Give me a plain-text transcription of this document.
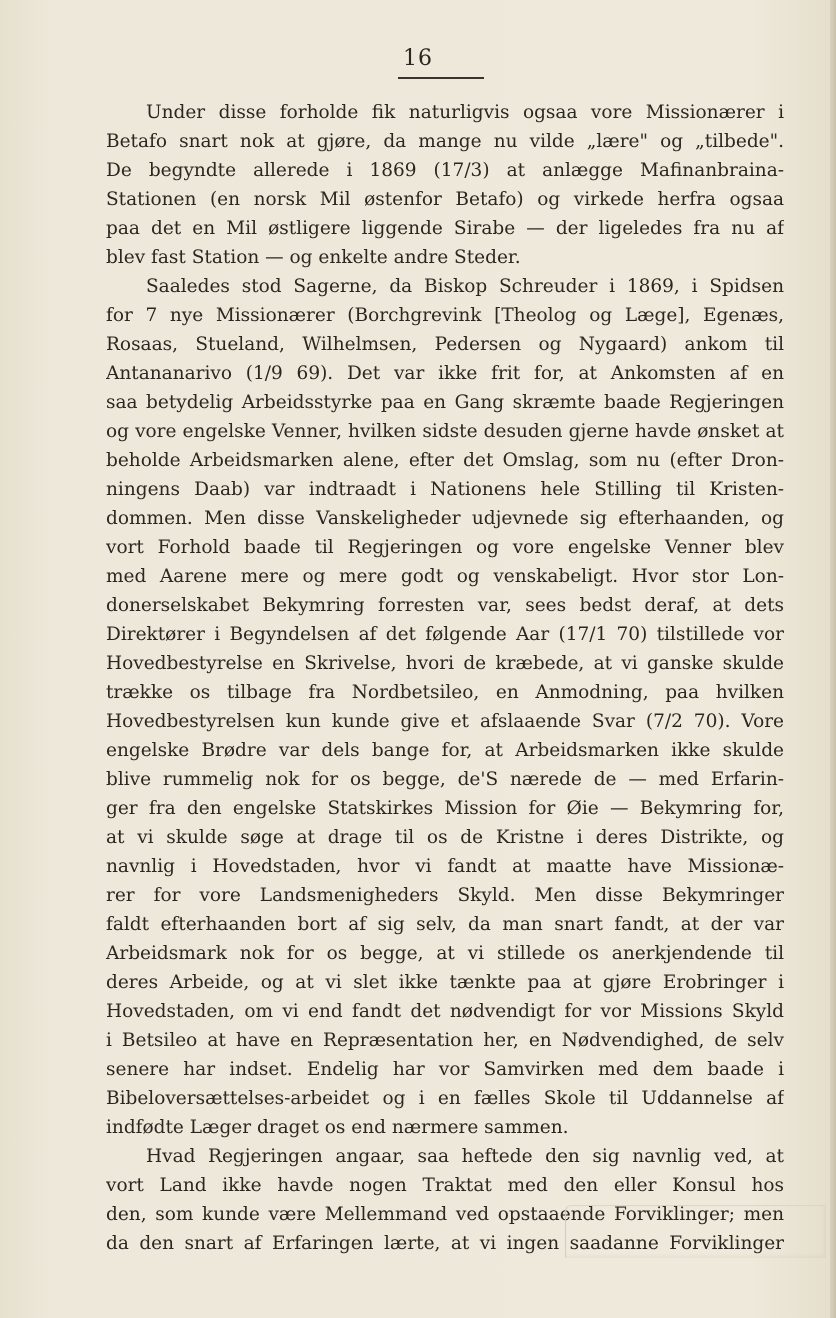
16
Under disse forholde fik naturligvis ogsaa vore Missionærer i
Betafo snart nok at gjøre, da mange nu vilde „lære" og „tilbede".
De begyndte allerede i 1869 (17/3) at anlægge Mafinanbraina-
Stationen (en norsk Mil østenfor Betafo) og virkede herfra ogsaa
paa det en Mil østligere liggende Sirabe — der ligeledes fra nu af
blev fast Station — og enkelte andre Steder.
Saaledes stod Sagerne, da Biskop Schreuder i 1869, i Spidsen
for 7 nye Missionærer (Borchgrevink [Theolog og Læge], Egenæs,
Rosaas, Stueland, Wilhelmsen, Pedersen og Nygaard) ankom til
Antananarivo (1/9 69). Det var ikke frit for, at Ankomsten af en
saa betydelig Arbeidsstyrke paa en Gang skræmte baade Regjeringen
og vore engelske Venner, hvilken sidste desuden gjerne havde ønsket at
beholde Arbeidsmarken alene, efter det Omslag, som nu (efter Dron-
ningens Daab) var indtraadt i Nationens hele Stilling til Kristen-
dommen. Men disse Vanskeligheder udjevnede sig efterhaanden, og
vort Forhold baade til Regjeringen og vore engelske Venner blev
med Aarene mere og mere godt og venskabeligt. Hvor stor Lon-
donerselskabet Bekymring forresten var, sees bedst deraf, at dets
Direktører i Begyndelsen af det følgende Aar (17/1 70) tilstillede vor
Hovedbestyrelse en Skrivelse, hvori de kræbede, at vi ganske skulde
trække os tilbage fra Nordbetsileo, en Anmodning, paa hvilken
Hovedbestyrelsen kun kunde give et afslaaende Svar (7/2 70). Vore
engelske Brødre var dels bange for, at Arbeidsmarken ikke skulde
blive rummelig nok for os begge, de'S nærede de — med Erfarin-
ger fra den engelske Statskirkes Mission for Øie — Bekymring for,
at vi skulde søge at drage til os de Kristne i deres Distrikte, og
navnlig i Hovedstaden, hvor vi fandt at maatte have Missionæ-
rer for vore Landsmenigheders Skyld. Men disse Bekymringer
faldt efterhaanden bort af sig selv, da man snart fandt, at der var
Arbeidsmark nok for os begge, at vi stillede os anerkjendende til
deres Arbeide, og at vi slet ikke tænkte paa at gjøre Erobringer i
Hovedstaden, om vi end fandt det nødvendigt for vor Missions Skyld
i Betsileo at have en Repræsentation her, en Nødvendighed, de selv
senere har indset. Endelig har vor Samvirken med dem baade i
Bibeloversættelses-arbeidet og i en fælles Skole til Uddannelse af
indfødte Læger draget os end nærmere sammen.
Hvad Regjeringen angaar, saa heftede den sig navnlig ved, at
vort Land ikke havde nogen Traktat med den eller Konsul hos
den, som kunde være Mellemmand ved opstaaende Forviklinger; men
da den snart af Erfaringen lærte, at vi ingen saadanne Forviklinger
